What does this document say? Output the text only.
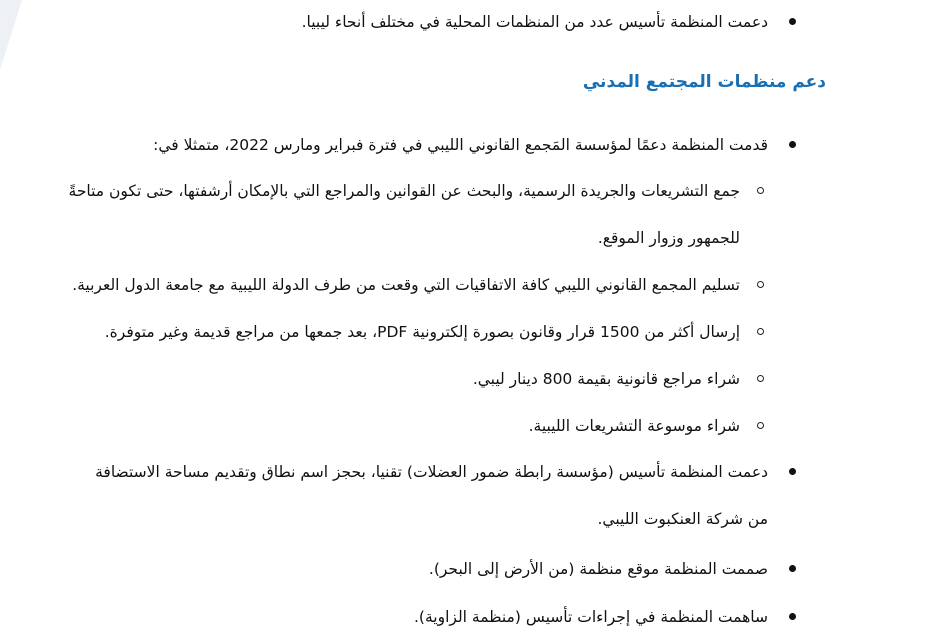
دعمت المنظمة تأسيس عدد من المنظمات المحلية في مختلف أنحاء ليبيا.
دعم منظمات المجتمع المدني
قدمت المنظمة دعمًا لمؤسسة المَجمع القانوني الليبي في فترة فبراير ومارس 2022، متمثلا في:
جمع التشريعات والجريدة الرسمية، والبحث عن القوانين والمراجع التي بالإمكان أرشفتها، حتى تكون متاحةً
للجمهور وزوار الموقع.
تسليم المجمع القانوني الليبي كافة الاتفاقيات التي وقعت من طرف الدولة الليبية مع جامعة الدول العربية.
إرسال أكثر من 1500 قرار وقانون بصورة إلكترونية PDF، بعد جمعها من مراجع قديمة وغير متوفرة.
شراء مراجع قانونية بقيمة 800 دينار ليبي.
شراء موسوعة التشريعات الليبية.
دعمت المنظمة تأسيس (مؤسسة رابطة ضمور العضلات) تقنيا، بحجز اسم نطاق وتقديم مساحة الاستضافة
من شركة العنكبوت الليبي.
صممت المنظمة موقع منظمة (من الأرض إلى البحر).
ساهمت المنظمة في إجراءات تأسيس (منظمة الزاوية).
